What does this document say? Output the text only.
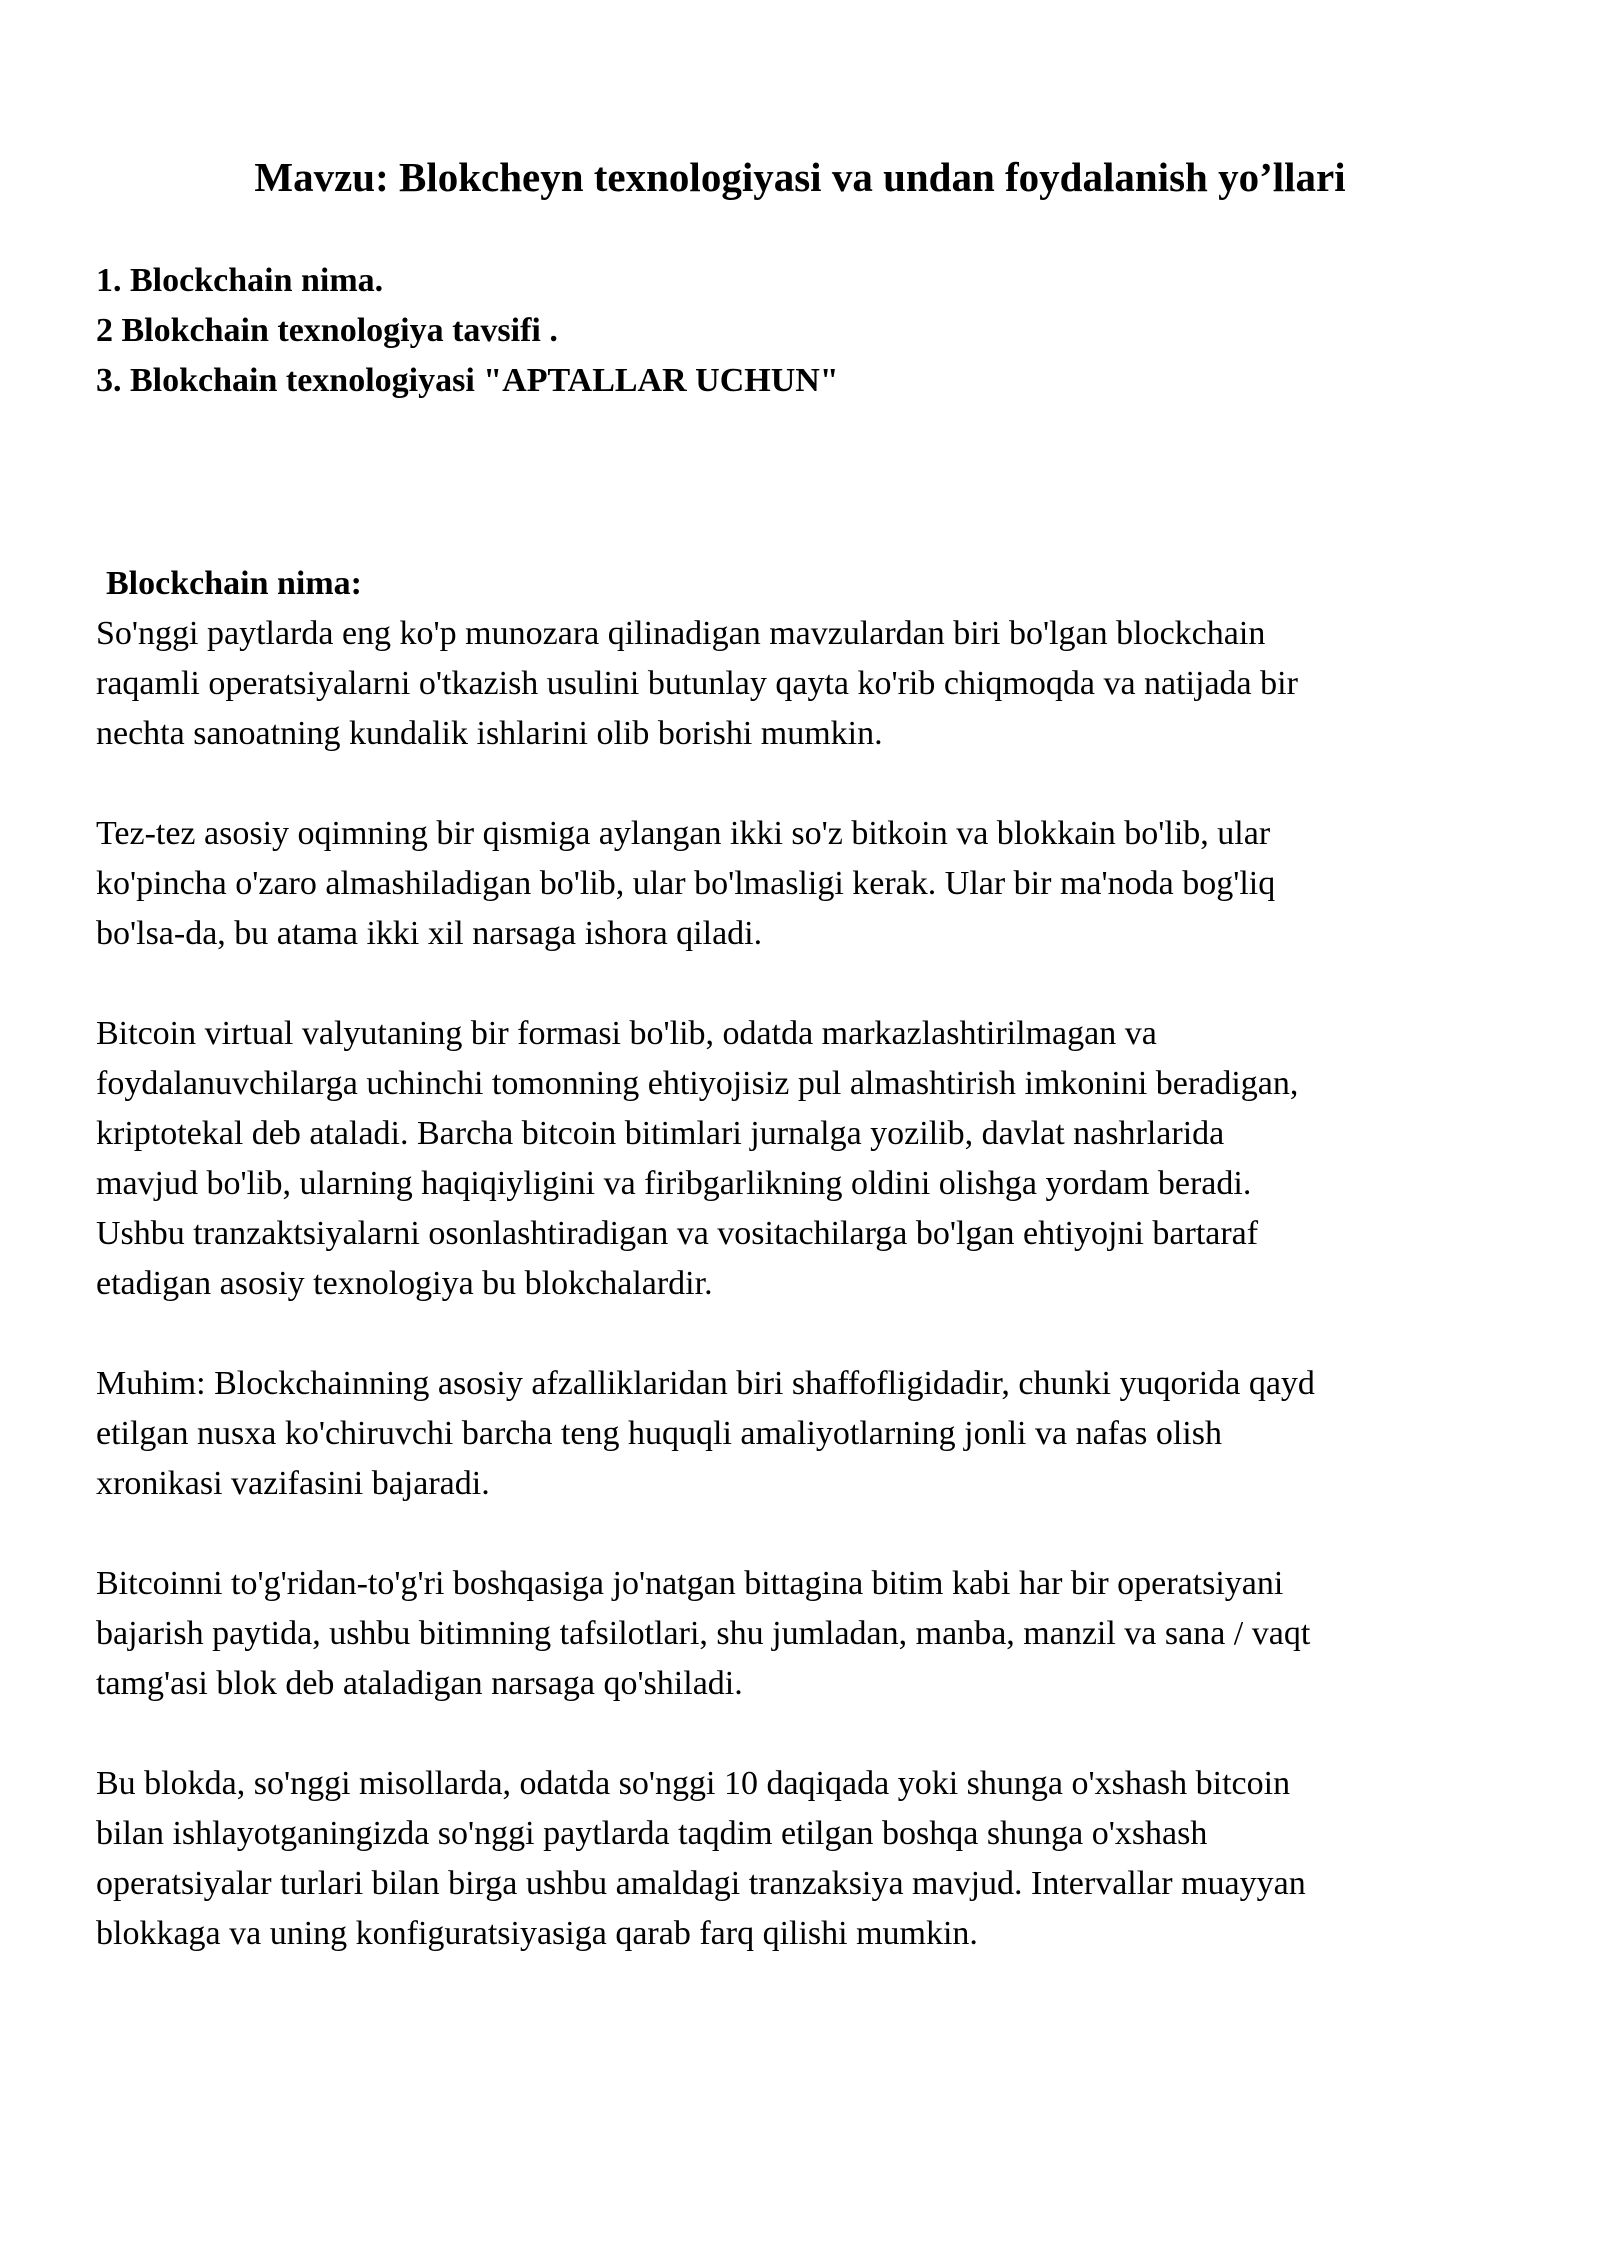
Mavzu: Blokcheyn texnologiyasi va undan foydalanish yo’llari
1. Blockchain nima.
2 Blokchain texnologiya tavsifi .
3. Blokchain texnologiyasi "APTALLAR UCHUN"
Blockchain nima:

So'nggi paytlarda eng ko'p munozara qilinadigan mavzulardan biri bo'lgan blockchain
raqamli operatsiyalarni o'tkazish usulini butunlay qayta ko'rib chiqmoqda va natijada bir
nechta sanoatning kundalik ishlarini olib borishi mumkin.

Tez-tez asosiy oqimning bir qismiga aylangan ikki so'z bitkoin va blokkain bo'lib, ular
ko'pincha o'zaro almashiladigan bo'lib, ular bo'lmasligi kerak. Ular bir ma'noda bog'liq
bo'lsa-da, bu atama ikki xil narsaga ishora qiladi.

Bitcoin virtual valyutaning bir formasi bo'lib, odatda markazlashtirilmagan va
foydalanuvchilarga uchinchi tomonning ehtiyojisiz pul almashtirish imkonini beradigan,
kriptotekal deb ataladi. Barcha bitcoin bitimlari jurnalga yozilib, davlat nashrlarida
mavjud bo'lib, ularning haqiqiyligini va firibgarlikning oldini olishga yordam beradi.
Ushbu tranzaktsiyalarni osonlashtiradigan va vositachilarga bo'lgan ehtiyojni bartaraf
etadigan asosiy texnologiya bu blokchalardir.

Muhim: Blockchainning asosiy afzalliklaridan biri shaffofligidadir, chunki yuqorida qayd
etilgan nusxa ko'chiruvchi barcha teng huquqli amaliyotlarning jonli va nafas olish
xronikasi vazifasini bajaradi.

Bitcoinni to'g'ridan-to'g'ri boshqasiga jo'natgan bittagina bitim kabi har bir operatsiyani
bajarish paytida, ushbu bitimning tafsilotlari, shu jumladan, manba, manzil va sana / vaqt
tamg'asi blok deb ataladigan narsaga qo'shiladi.

Bu blokda, so'nggi misollarda, odatda so'nggi 10 daqiqada yoki shunga o'xshash bitcoin
bilan ishlayotganingizda so'nggi paytlarda taqdim etilgan boshqa shunga o'xshash
operatsiyalar turlari bilan birga ushbu amaldagi tranzaksiya mavjud. Intervallar muayyan
blokkaga va uning konfiguratsiyasiga qarab farq qilishi mumkin.
